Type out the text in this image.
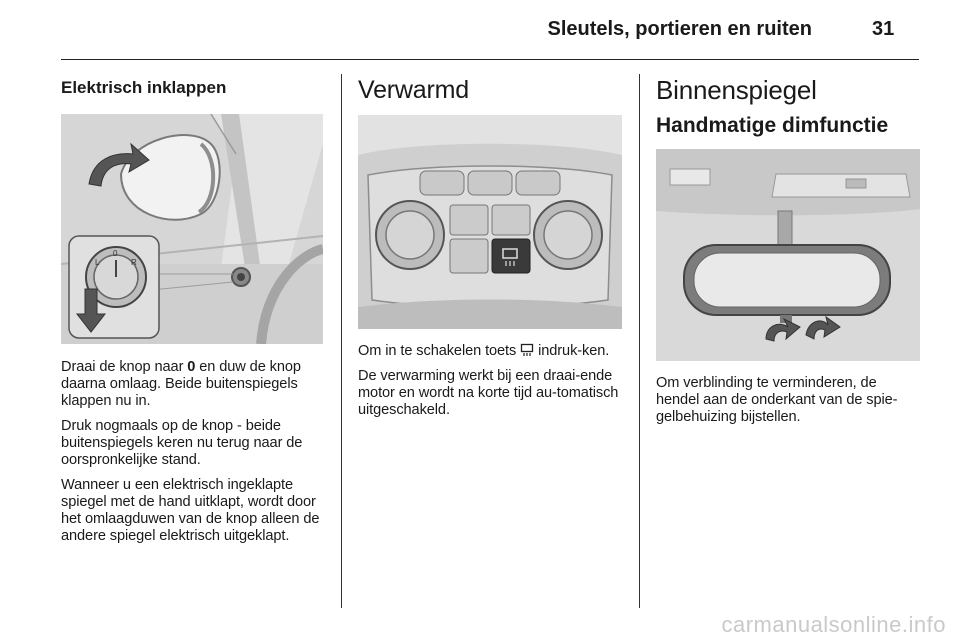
Sleutels, portieren en ruiten	31
Elektrisch inklappen
L
0
R

Draai de knop naar 0 en duw de knop daarna omlaag. Beide buitenspiegels klappen nu in.

Druk nogmaals op de knop - beide buitenspiegels keren nu terug naar de oorspronkelijke stand.

Wanneer u een elektrisch ingeklapte spiegel met de hand uitklapt, wordt door het omlaagduwen van de knop alleen de andere spiegel elektrisch uitgeklapt.

Verwarmd

Om in te schakelen toets  indruk-ken.

De verwarming werkt bij een draai-ende motor en wordt na korte tijd au-tomatisch uitgeschakeld.

Binnenspiegel
Handmatige dimfunctie

Om verblinding te verminderen, de hendel aan de onderkant van de spie-gelbehuizing bijstellen.

carmanualsonline.info
